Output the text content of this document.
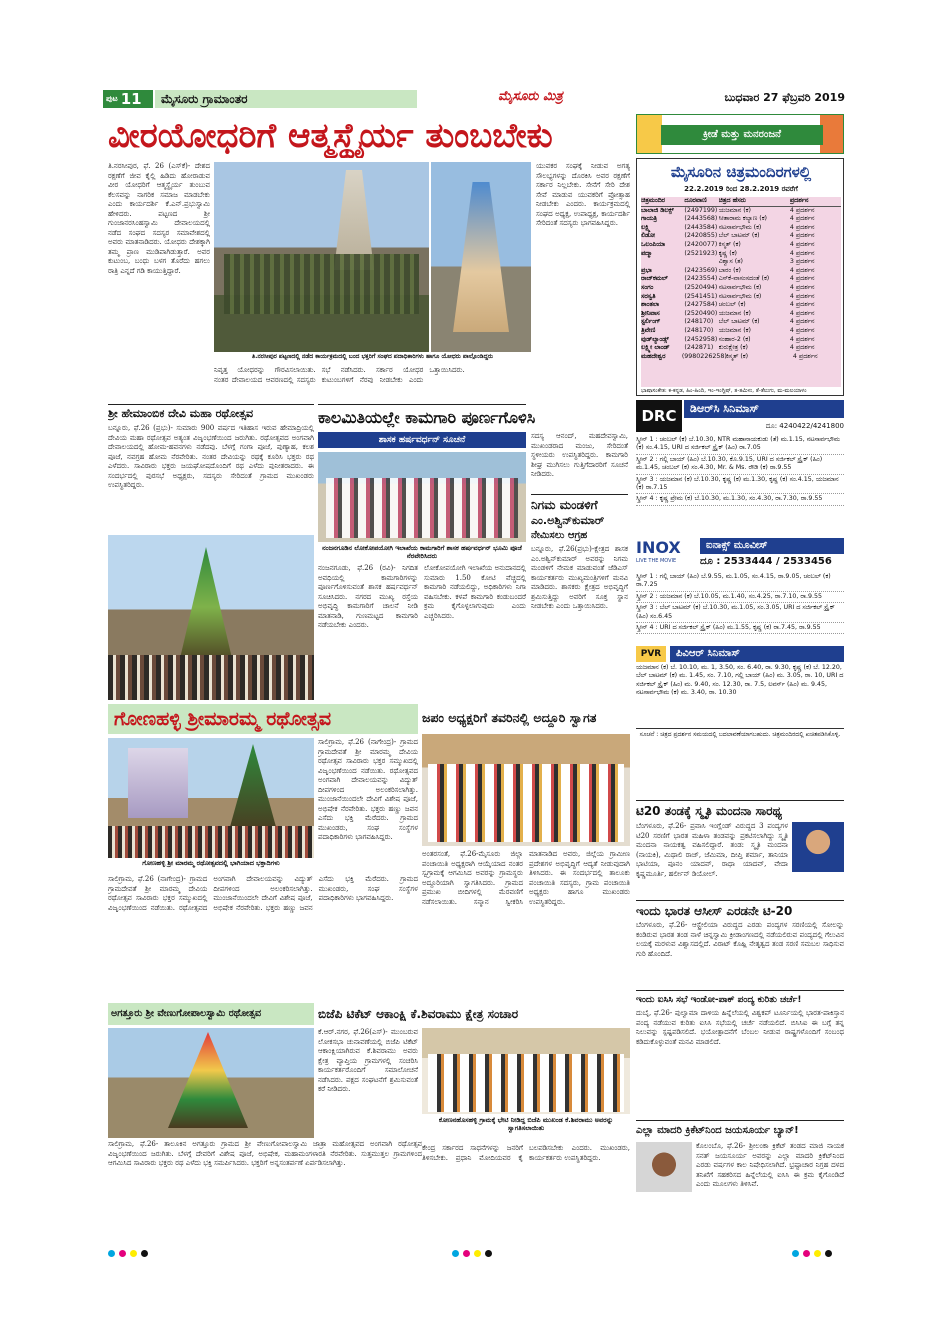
ಪುಟ 11	ಮೈಸೂರು ಗ್ರಾಮಾಂತರ	ಮೈಸೂರು ಮಿತ್ರ	ಬುಧವಾರ 27 ಫೆಬ್ರವರಿ 2019
ವೀರಯೋಧರಿಗೆ ಆತ್ಮಸ್ಥೈರ್ಯ ತುಂಬಬೇಕು	ಕ್ರೀಡೆ ಮತ್ತು ಮನರಂಜನೆ
ತಿ.ನರಸೀಪುರ, ಫೆ. 26 (ಎಸ್‌ಕೆ)- ದೇಶದ ರಕ್ಷಣೆಗೆ ಜೀವ ಕೈಲ್ಲಿ ಹಿಡಿದು ಹೋರಾಡುವ ವೀರ ಯೋಧರಿಗೆ ಆತ್ಮಸ್ಥೈರ್ಯ ತುಂಬುವ ಕೆಲಸವನ್ನು ನಾಗರಿಕ ಸಮಾಜ ಮಾಡಬೇಕು ಎಂದು ಕಾರ್ಯದರ್ಶಿ ಕೆ.ಎನ್.ಪ್ರಭುಸ್ವಾಮಿ ಹೇಳಿದರು. ಪಟ್ಟಣದ ಶ್ರೀ ಗುಂಜಾನರಸಿಂಹಸ್ವಾಮಿ ದೇವಾಲಯದಲ್ಲಿ ನಡೆದ ಸಂಘದ ಸದಸ್ಯರ ಸಮಾವೇಶದಲ್ಲಿ ಅವರು ಮಾತನಾಡಿದರು. ಯೋಧರು ದೇಶಕ್ಕಾಗಿ ತಮ್ಮ ಪ್ರಾಣ ಮುಡಿಪಾಗಿಡುತ್ತಾರೆ. ಅವರ ಕುಟುಂಬ, ಬಂಧು ಬಳಗ ತೊರೆದು ಹಗಲು ರಾತ್ರಿ ಎನ್ನದೆ ಗಡಿ ಕಾಯುತ್ತಿದ್ದಾರೆ.
ತಿ.ನರಸೀಪುರ ಪಟ್ಟಣದಲ್ಲಿ ನಡೆದ ಕಾರ್ಯಕ್ರಮದಲ್ಲಿ ಬಂದ ಭಕ್ತರಿಗೆ ಸಂಘದ ಪದಾಧಿಕಾರಿಗಳು ಹಾಗೂ ಯೋಧರು ಪಾಲ್ಗೊಂಡಿದ್ದರು
ನಿವೃತ್ತ ಯೋಧರನ್ನು ಗೌರವಿಸಲಾಯಿತು. ನಂತರ ದೇವಾಲಯದ ಆವರಣದಲ್ಲಿ ಸದಸ್ಯರು ಸಭೆ ನಡೆಸಿದರು. ಸರ್ಕಾರ ಯೋಧರ ಕುಟುಂಬಗಳಿಗೆ ನೆರವು ನೀಡಬೇಕು ಎಂದು ಒತ್ತಾಯಿಸಿದರು.
ಯುವಕರ ಸಂಘಕ್ಕೆ ನೀಡುವ ಅಗತ್ಯ ಸೌಲಭ್ಯಗಳನ್ನು ದೊರಕಿಸಿ ಅವರ ರಕ್ಷಣೆಗೆ ಸರ್ಕಾರ ನಿಲ್ಲಬೇಕು. ಸೇನೆಗೆ ಸೇರಿ ದೇಶ ಸೇವೆ ಮಾಡುವ ಯುವಕರಿಗೆ ಪ್ರೋತ್ಸಾಹ ನೀಡಬೇಕು ಎಂದರು. ಕಾರ್ಯಕ್ರಮದಲ್ಲಿ ಸಂಘದ ಅಧ್ಯಕ್ಷ, ಉಪಾಧ್ಯಕ್ಷ, ಕಾರ್ಯದರ್ಶಿ ಸೇರಿದಂತೆ ಸದಸ್ಯರು ಭಾಗವಹಿಸಿದ್ದರು.
ಮೈಸೂರಿನ ಚಿತ್ರಮಂದಿರಗಳಲ್ಲಿ
22.2.2019 ರಿಂದ 28.2.2019 ರವರೆಗೆ
ಚಿತ್ರಮಂದಿರ	ದೂರವಾಣಿ	ಚಿತ್ರದ ಹೆಸರು	ಪ್ರದರ್ಶನ
ಬಾಲಾಜಿ ಡಿಲಕ್ಸ್	(2497199) ಯಜಮಾನ (ಕ)	4 ಪ್ರದರ್ಶನ
ಗಾಯತ್ರಿ	(2443568) ಸೀತಾರಾಮ ಕಲ್ಯಾಣ (ಕ)	4 ಪ್ರದರ್ಶನ
ಲಕ್ಷ್ಮಿ	(2443584) ನಟಸಾರ್ವಭೌಮ (ಕ)	4 ಪ್ರದರ್ಶನ
ಲಿಡೋ	(2420855) ಬೆಲ್ ಬಾಟಮ್ (ಕ)	4 ಪ್ರದರ್ಶನ
ಒಲಂಪಿಯಾ	(2420077) ಕಿಸ್ಮತ್ (ಕ)	4 ಪ್ರದರ್ಶನ
ಪದ್ಮಾ	(2521923) ಕೃಷ್ಣ (ಕ)	4 ಪ್ರದರ್ಶನ
ವಿಶ್ವಾಸ (ತ)	3 ಪ್ರದರ್ಶನ
ಪ್ರಭಾ	(2423569) ಬಾರಂ (ಕ)	4 ಪ್ರದರ್ಶನ
ರಾಜ್‌ಕಮಲ್	(2423554) ಎಸ್‌ಕೆ-ವಾಸಂಸದಂತೆ (ಕ)	4 ಪ್ರದರ್ಶನ
ಸಂಗಂ	(2520494) ನಟಸಾರ್ವಭೌಮ (ಕ)	4 ಪ್ರದರ್ಶನ
ಸರಸ್ವತಿ	(2541451) ನಟಸಾರ್ವಭೌಮ (ಕ)	4 ಪ್ರದರ್ಶನ
ಶಾಂತಲಾ	(2427584) ಚಂಬಲ್ (ಕ)	4 ಪ್ರದರ್ಶನ
ಶ್ರೀನಿವಾಸ	(2520490) ಯಜಮಾನ (ಕ)	4 ಪ್ರದರ್ಶನ
ಸ್ಟರ್ಲಿಂಗ್	(248170) ಬೆಲ್ ಬಾಟಮ್ (ಕ)	4 ಪ್ರದರ್ಶನ
ತ್ರಿವೇಣಿ	(248170) ಯಜಮಾನ (ಕ)	4 ಪ್ರದರ್ಶನ
ವುಡ್‌ಲ್ಯಾಂಡ್ಸ್	(2452958) ಸಂಹಾರ-2 (ಕ)	4 ಪ್ರದರ್ಶನ
ಲಕ್ಷ್ಮೀ ಲಾಂಡ್	(242871) ಕುರುಕ್ಷೇತ್ರ (ಕ)	4 ಪ್ರದರ್ಶನ
ಮಹದೇಶ್ವರ	(9980226258) ಕಿಸ್ಮತ್ (ಕ)	4 ಪ್ರದರ್ಶನ
ಭಾಷಾಸಂಕೇತ: ಕ-ಕನ್ನಡ, ಹಿಂ-ಹಿಂದಿ, ಇಂ-ಇಂಗ್ಲಿಷ್, ತ-ತಮಿಳು, ತೆ-ತೆಲುಗು, ಮ-ಮಲಯಾಳಂ
ಶ್ರೀ ಹೇಮಾಂಬಿಕ ದೇವಿ ಮಹಾ ರಥೋತ್ಸವ
ಬನ್ನೂರು, ಫೆ.26 (ಪ್ರಭು)- ಸುಮಾರು 900 ವರ್ಷದ ಇತಿಹಾಸ ಇರುವ ಹೇಮಾದ್ರಿಯಲ್ಲಿ ದೇವಿಯ ಮಹಾ ರಥೋತ್ಸವ ಅತ್ಯಂತ ವಿಜೃಂಭಣೆಯಿಂದ ಜರುಗಿತು. ರಥೋತ್ಸವದ ಅಂಗವಾಗಿ ದೇವಾಲಯದಲ್ಲಿ ಹೋಮ-ಹವನಗಳು ನಡೆದವು. ಬೆಳಗ್ಗೆ ಗಂಗಾ ಪೂಜೆ, ಪುಣ್ಯಾಹ, ಕಲಶ ಪೂಜೆ, ನವಗ್ರಹ ಹೋಮ ನೆರವೇರಿತು. ನಂತರ ದೇವಿಯನ್ನು ರಥಕ್ಕೆ ಕೂರಿಸಿ ಭಕ್ತರು ರಥ ಎಳೆದರು. ಸಾವಿರಾರು ಭಕ್ತರು ಜಯಘೋಷದೊಂದಿಗೆ ರಥ ಎಳೆದು ಪುನೀತರಾದರು. ಈ ಸಂದರ್ಭದಲ್ಲಿ ಪುರಸಭೆ ಅಧ್ಯಕ್ಷರು, ಸದಸ್ಯರು ಸೇರಿದಂತೆ ಗ್ರಾಮದ ಮುಖಂಡರು ಉಪಸ್ಥಿತರಿದ್ದರು.
ಕಾಲಮಿತಿಯಲ್ಲೇ ಕಾಮಗಾರಿ ಪೂರ್ಣಗೊಳಿಸಿ
ಶಾಸಕ ಹರ್ಷವರ್ಧನ್ ಸೂಚನೆ
ನಂಜನಗೂಡಿನ ಲೋಕೋಪಯೋಗಿ ಇಲಾಖೆಯ ಕಾಮಗಾರಿಗೆ ಶಾಸಕ ಹರ್ಷವರ್ಧನ್ ಭೂಮಿ ಪೂಜೆ ನೆರವೇರಿಸಿದರು
ನಂಜನಗೂಡು, ಫೆ.26 (ರವಿ)- ನಿಗದಿತ ಅವಧಿಯಲ್ಲಿ ಕಾಮಗಾರಿಗಳನ್ನು ಪೂರ್ಣಗೊಳಿಸುವಂತೆ ಶಾಸಕ ಹರ್ಷವರ್ಧನ್ ಸೂಚಿಸಿದರು. ನಗರದ ಮುಖ್ಯ ರಸ್ತೆಯ ಅಭಿವೃದ್ಧಿ ಕಾಮಗಾರಿಗೆ ಚಾಲನೆ ನೀಡಿ ಮಾತನಾಡಿ, ಗುಣಮಟ್ಟದ ಕಾಮಗಾರಿ ನಡೆಯಬೇಕು ಎಂದರು.
ಲೋಕೋಪಯೋಗಿ ಇಲಾಖೆಯ ಅನುದಾನದಲ್ಲಿ ಸುಮಾರು 1.50 ಕೋಟಿ ವೆಚ್ಚದಲ್ಲಿ ಕಾಮಗಾರಿ ನಡೆಯಲಿದ್ದು, ಅಧಿಕಾರಿಗಳು ನಿಗಾ ವಹಿಸಬೇಕು. ಕಳಪೆ ಕಾಮಗಾರಿ ಕಂಡುಬಂದರೆ ಕ್ರಮ ಕೈಗೊಳ್ಳಲಾಗುವುದು ಎಂದು ಎಚ್ಚರಿಸಿದರು.
ಸದಸ್ಯ ಆನಂದ್, ಮಹದೇವಸ್ವಾಮಿ, ಮುಖಂಡರಾದ ಮಂಜು, ಸೇರಿದಂತೆ ಸ್ಥಳೀಯರು ಉಪಸ್ಥಿತರಿದ್ದರು. ಕಾಮಗಾರಿ ಶೀಘ್ರ ಮುಗಿಸಲು ಗುತ್ತಿಗೆದಾರರಿಗೆ ಸೂಚನೆ ನೀಡಿದರು.
ನಿಗಮ ಮಂಡಳಿಗೆ
ಎಂ.ಅಶ್ವಿನ್‌ಕುಮಾರ್
ನೇಮಿಸಲು ಆಗ್ರಹ
ಬನ್ನೂರು, ಫೆ.26(ಪ್ರಭು)-ಕ್ಷೇತ್ರದ ಶಾಸಕ ಎಂ.ಅಶ್ವಿನ್‌ಕುಮಾರ್ ಅವರನ್ನು ನಿಗಮ ಮಂಡಳಿಗೆ ನೇಮಕ ಮಾಡುವಂತೆ ಜೆಡಿಎಸ್ ಕಾರ್ಯಕರ್ತರು ಮುಖ್ಯಮಂತ್ರಿಗಳಿಗೆ ಮನವಿ ಮಾಡಿದರು. ಶಾಸಕರು ಕ್ಷೇತ್ರದ ಅಭಿವೃದ್ಧಿಗೆ ಶ್ರಮಿಸುತ್ತಿದ್ದು ಅವರಿಗೆ ಸೂಕ್ತ ಸ್ಥಾನ ನೀಡಬೇಕು ಎಂದು ಒತ್ತಾಯಿಸಿದರು.
DRC	ಡಿಆರ್‌ಸಿ ಸಿನಿಮಾಸ್
ದೂ: 4240422/4241800
ಸ್ಕ್ರೀನ್ 1 : ಚಂಬಲ್ (ಕ) ಬೆ.10.30, NTR ಮಹಾನಾಯಕುಡು (ತೆ) ಮ.1.15, ನಟಸಾರ್ವಭೌಮ (ಕ) ಸಂ.4.15, URI ದ ಸರ್ಜಿಕಲ್ ಸ್ಟ್ರೈಕ್ (ಹಿಂ) ರಾ.7.05
ಸ್ಕ್ರೀನ್ 2 : ಗಲ್ಲಿ ಬಾಯ್ (ಹಿಂ) ಬೆ.10.30, ಕೊ.9.15, URI ದ ಸರ್ಜಿಕಲ್ ಸ್ಟ್ರೈಕ್ (ಹಿಂ) ಮ.1.45, ಚಂಬಲ್ (ಕ) ಸಂ.4.30, Mr. & Ms. ರೌಡಿ (ಕ) ರಾ.9.55
ಸ್ಕ್ರೀನ್ 3 : ಯಜಮಾನ (ಕ) ಬೆ.10.30, ಕೃಷ್ಣ (ಕ) ಮ.1.30, ಕೃಷ್ಣ (ಕ) ಸಂ.4.15, ಯಜಮಾನ (ಕ) ರಾ.7.15
ಸ್ಕ್ರೀನ್ 4 : ಕೃಷ್ಣ ಪ್ರೇಮ (ಕ) ಬೆ.10.30, ಮ.1.30, ಸಂ.4.30, ರಾ.7.30, ರಾ.9.55
INOX
LIVE THE MOVIE
ಐನಾಕ್ಸ್ ಮೂವೀಸ್
ದೂ : 2533444 / 2533456
ಸ್ಕ್ರೀನ್ 1 : ಗಲ್ಲಿ ಬಾಯ್ (ಹಿಂ) ಬೆ.9.55, ಮ.1.05, ಸಂ.4.15, ರಾ.9.05, ಚಂಬಲ್ (ಕ) ರಾ.7.25
ಸ್ಕ್ರೀನ್ 2 : ಯಜಮಾನ (ಕ) ಬೆ.10.05, ಮ.1.40, ಸಂ.4.25, ರಾ.7.10, ರಾ.9.55
ಸ್ಕ್ರೀನ್ 3 : ಬೆಲ್ ಬಾಟಮ್ (ಕ) ಬೆ.10.30, ಮ.1.05, ಸಂ.3.05, URI ದ ಸರ್ಜಿಕಲ್ ಸ್ಟ್ರೈಕ್ (ಹಿಂ) ಸಂ.6.45
ಸ್ಕ್ರೀನ್ 4 : URI ದ ಸರ್ಜಿಕಲ್ ಸ್ಟ್ರೈಕ್ (ಹಿಂ) ಮ.1.55, ಕೃಷ್ಣ (ಕ) ರಾ.7.45, ರಾ.9.55
PVR	ಪಿವಿಆರ್ ಸಿನಿಮಾಸ್
ಯಜಮಾನ (ಕ) ಬೆ. 10.10, ಮ. 1, 3.50, ಸಂ. 6.40, ರಾ. 9.30, ಕೃಷ್ಣ (ಕ) ಬೆ. 12.20, ಬೆಲ್ ಬಾಟಮ್ (ಕ) ಮ. 1.45, ಸಂ. 7.10, ಗಲ್ಲಿ ಬಾಯ್ (ಹಿಂ) ಮ. 3.05, ರಾ. 10, URI ದ ಸರ್ಜಿಕಲ್ ಸ್ಟ್ರೈಕ್ (ಹಿಂ) ಮ. 9.40, ಸಂ. 12.30, ರಾ. 7.5, ಲವರ್ಸ್ (ಹಿಂ) ಮ. 9.45, ನಟಸಾರ್ವಭೌಮ (ಕ) ಮ. 3.40, ರಾ. 10.30
ಸೂಚನೆ : ಚಿತ್ರದ ಪ್ರದರ್ಶನ ಸಮಯದಲ್ಲಿ ಬದಲಾವಣೆಯಾಗಬಹುದು. ಚಿತ್ರಮಂದಿರದಲ್ಲಿ ಖಚಿತಪಡಿಸಿಕೊಳ್ಳಿ.
ಗೋಣಹಳ್ಳಿ ಶ್ರೀಮಾರಮ್ಮ ರಥೋತ್ಸವ
ಗೋಣಹಳ್ಳಿ ಶ್ರೀ ಮಾರಮ್ಮ ರಥೋತ್ಸವದಲ್ಲಿ ಭಾಗಿಯಾದ ಭಕ್ತಾದಿಗಳು
ಸಾಲಿಗ್ರಾಮ, ಫೆ.26 (ನಾಗೇಂದ್ರ)- ಗ್ರಾಮದ ಗ್ರಾಮದೇವತೆ ಶ್ರೀ ಮಾರಮ್ಮ ದೇವಿಯ ರಥೋತ್ಸವ ಸಾವಿರಾರು ಭಕ್ತರ ಸಮ್ಮುಖದಲ್ಲಿ ವಿಜೃಂಭಣೆಯಿಂದ ನಡೆಯಿತು. ರಥೋತ್ಸವದ ಅಂಗವಾಗಿ ದೇವಾಲಯವನ್ನು ವಿದ್ಯುತ್ ದೀಪಗಳಿಂದ ಅಲಂಕರಿಸಲಾಗಿತ್ತು. ಮುಂಜಾನೆಯಿಂದಲೇ ದೇವಿಗೆ ವಿಶೇಷ ಪೂಜೆ, ಅಭಿಷೇಕ ನೆರವೇರಿತು. ಭಕ್ತರು ಹಣ್ಣು ಜವನ ಎಸೆದು ಭಕ್ತಿ ಮೆರೆದರು. ಗ್ರಾಮದ ಮುಖಂಡರು, ಸಂಘ ಸಂಸ್ಥೆಗಳ ಪದಾಧಿಕಾರಿಗಳು ಭಾಗವಹಿಸಿದ್ದರು.
ಸಾಲಿಗ್ರಾಮ, ಫೆ.26 (ನಾಗೇಂದ್ರ)- ಗ್ರಾಮದ ಗ್ರಾಮದೇವತೆ ಶ್ರೀ ಮಾರಮ್ಮ ದೇವಿಯ ರಥೋತ್ಸವ ಸಾವಿರಾರು ಭಕ್ತರ ಸಮ್ಮುಖದಲ್ಲಿ ವಿಜೃಂಭಣೆಯಿಂದ ನಡೆಯಿತು. ರಥೋತ್ಸವದ ಅಂಗವಾಗಿ ದೇವಾಲಯವನ್ನು ವಿದ್ಯುತ್ ದೀಪಗಳಿಂದ ಅಲಂಕರಿಸಲಾಗಿತ್ತು. ಮುಂಜಾನೆಯಿಂದಲೇ ದೇವಿಗೆ ವಿಶೇಷ ಪೂಜೆ, ಅಭಿಷೇಕ ನೆರವೇರಿತು. ಭಕ್ತರು ಹಣ್ಣು ಜವನ ಎಸೆದು ಭಕ್ತಿ ಮೆರೆದರು. ಗ್ರಾಮದ ಮುಖಂಡರು, ಸಂಘ ಸಂಸ್ಥೆಗಳ ಪದಾಧಿಕಾರಿಗಳು ಭಾಗವಹಿಸಿದ್ದರು.
ಜಪಂ ಅಧ್ಯಕ್ಷರಿಗೆ ತವರಿನಲ್ಲಿ ಅದ್ದೂರಿ ಸ್ವಾಗತ
ಅಂತರಸಂತೆ, ಫೆ.26-ಮೈಸೂರು ಜಿಲ್ಲಾ ಪಂಚಾಯಿತಿ ಅಧ್ಯಕ್ಷರಾಗಿ ಆಯ್ಕೆಯಾದ ನಂತರ ಸ್ವಗ್ರಾಮಕ್ಕೆ ಆಗಮಿಸಿದ ಅವರನ್ನು ಗ್ರಾಮಸ್ಥರು ಅದ್ದೂರಿಯಾಗಿ ಸ್ವಾಗತಿಸಿದರು. ಗ್ರಾಮದ ಪ್ರಮುಖ ಬೀದಿಗಳಲ್ಲಿ ಮೆರವಣಿಗೆ ನಡೆಸಲಾಯಿತು. ಸನ್ಮಾನ ಸ್ವೀಕರಿಸಿ ಮಾತನಾಡಿದ ಅವರು, ಜಿಲ್ಲೆಯ ಗ್ರಾಮೀಣ ಪ್ರದೇಶಗಳ ಅಭಿವೃದ್ಧಿಗೆ ಆದ್ಯತೆ ನೀಡುವುದಾಗಿ ತಿಳಿಸಿದರು. ಈ ಸಂದರ್ಭದಲ್ಲಿ ತಾಲೂಕು ಪಂಚಾಯಿತಿ ಸದಸ್ಯರು, ಗ್ರಾಮ ಪಂಚಾಯಿತಿ ಅಧ್ಯಕ್ಷರು ಹಾಗೂ ಮುಖಂಡರು ಉಪಸ್ಥಿತರಿದ್ದರು.
ಟಿ20 ತಂಡಕ್ಕೆ ಸ್ಮೃತಿ ಮಂದನಾ ಸಾರಥ್ಯ
ಬೆಂಗಳೂರು, ಫೆ.26- ಪ್ರವಾಸಿ ಇಂಗ್ಲೆಂಡ್ ವಿರುದ್ಧದ 3 ಪಂದ್ಯಗಳ ಟಿ20 ಸರಣಿಗೆ ಭಾರತ ಮಹಿಳಾ ತಂಡವನ್ನು ಪ್ರಕಟಿಸಲಾಗಿದ್ದು ಸ್ಮೃತಿ ಮಂದನಾ ನಾಯಕತ್ವ ವಹಿಸಲಿದ್ದಾರೆ. ತಂಡ: ಸ್ಮೃತಿ ಮಂದನಾ (ನಾಯಕಿ), ಮಿಥಾಲಿ ರಾಜ್, ಜೆಮಿಮಾ, ದೀಪ್ತಿ ಶರ್ಮಾ, ತಾನಿಯಾ ಭಾಟಿಯಾ, ಪೂನಂ ಯಾದವ್, ರಾಧಾ ಯಾದವ್, ವೇದಾ ಕೃಷ್ಣಮೂರ್ತಿ, ಹರ್ಲೀನ್ ಡಿಯೋಲ್.
ಇಂದು ಭಾರತ ಆಸೀಸ್ ಎರಡನೇ ಟಿ-20
ಬೆಂಗಳೂರು, ಫೆ.26- ಆಸ್ಟ್ರೇಲಿಯಾ ವಿರುದ್ಧದ ಎರಡು ಪಂದ್ಯಗಳ ಸರಣಿಯಲ್ಲಿ ಸೋಲನ್ನು ಕಂಡಿರುವ ಭಾರತ ತಂಡ ನಾಳೆ ಚಿನ್ನಸ್ವಾಮಿ ಕ್ರೀಡಾಂಗಣದಲ್ಲಿ ನಡೆಯಲಿರುವ ಪಂದ್ಯದಲ್ಲಿ ಗೆಲುವಿನ ಲಯಕ್ಕೆ ಮರಳುವ ವಿಶ್ವಾಸದಲ್ಲಿದೆ. ವಿರಾಟ್ ಕೊಹ್ಲಿ ನೇತೃತ್ವದ ತಂಡ ಸರಣಿ ಸಮಬಲ ಸಾಧಿಸುವ ಗುರಿ ಹೊಂದಿದೆ.
ಇಂದು ಐಸಿಸಿ ಸಭೆ ಇಂಡೋ-ಪಾಕ್ ಪಂದ್ಯ ಕುರಿತು ಚರ್ಚೆ!
ದುಬೈ, ಫೆ.26- ಪುಲ್ವಾಮಾ ದಾಳಿಯ ಹಿನ್ನೆಲೆಯಲ್ಲಿ ವಿಶ್ವಕಪ್ ಟೂರ್ನಿಯಲ್ಲಿ ಭಾರತ-ಪಾಕಿಸ್ತಾನ ಪಂದ್ಯ ನಡೆಯುವ ಕುರಿತು ಐಸಿಸಿ ಸಭೆಯಲ್ಲಿ ಚರ್ಚೆ ನಡೆಯಲಿದೆ. ಬಿಸಿಸಿಐ ಈ ಬಗ್ಗೆ ತನ್ನ ನಿಲುವನ್ನು ಸ್ಪಷ್ಟಪಡಿಸಲಿದೆ. ಭಯೋತ್ಪಾದನೆಗೆ ಬೆಂಬಲ ನೀಡುವ ರಾಷ್ಟ್ರಗಳೊಂದಿಗೆ ಸಂಬಂಧ ಕಡಿದುಕೊಳ್ಳುವಂತೆ ಮನವಿ ಮಾಡಲಿದೆ.
ಎಲ್ಲಾ ಮಾದರಿ ಕ್ರಿಕೆಟ್‌ನಿಂದ ಜಯಸೂರ್ಯ ಬ್ಯಾನ್!
ಕೊಲಂಬೊ, ಫೆ.26- ಶ್ರೀಲಂಕಾ ಕ್ರಿಕೆಟ್ ತಂಡದ ಮಾಜಿ ನಾಯಕ ಸನತ್ ಜಯಸೂರ್ಯ ಅವರನ್ನು ಎಲ್ಲಾ ಮಾದರಿ ಕ್ರಿಕೆಟ್‌ನಿಂದ ಎರಡು ವರ್ಷಗಳ ಕಾಲ ನಿಷೇಧಿಸಲಾಗಿದೆ. ಭ್ರಷ್ಟಾಚಾರ ನಿಗ್ರಹ ದಳದ ತನಿಖೆಗೆ ಸಹಕರಿಸದ ಹಿನ್ನೆಲೆಯಲ್ಲಿ ಐಸಿಸಿ ಈ ಕ್ರಮ ಕೈಗೊಂಡಿದೆ ಎಂದು ಮೂಲಗಳು ತಿಳಿಸಿವೆ.
ಅಗತ್ತೂರು ಶ್ರೀ ವೇಣುಗೋಪಾಲಸ್ವಾಮಿ ರಥೋತ್ಸವ
ಸಾಲಿಗ್ರಾಮ, ಫೆ.26- ತಾಲೂಕಿನ ಅಗತ್ತೂರು ಗ್ರಾಮದ ಶ್ರೀ ವೇಣುಗೋಪಾಲಸ್ವಾಮಿ ಜಾತ್ರಾ ಮಹೋತ್ಸವದ ಅಂಗವಾಗಿ ರಥೋತ್ಸವ ವಿಜೃಂಭಣೆಯಿಂದ ಜರುಗಿತು. ಬೆಳಗ್ಗೆ ದೇವರಿಗೆ ವಿಶೇಷ ಪೂಜೆ, ಅಭಿಷೇಕ, ಮಹಾಮಂಗಳಾರತಿ ನೆರವೇರಿತು. ಸುತ್ತಮುತ್ತಲ ಗ್ರಾಮಗಳಿಂದ ಆಗಮಿಸಿದ ಸಾವಿರಾರು ಭಕ್ತರು ರಥ ಎಳೆದು ಭಕ್ತಿ ಸಮರ್ಪಿಸಿದರು. ಭಕ್ತರಿಗೆ ಅನ್ನಸಂತರ್ಪಣೆ ಏರ್ಪಡಿಸಲಾಗಿತ್ತು.
ಬಿಜೆಪಿ ಟಿಕೆಟ್ ಆಕಾಂಕ್ಷಿ ಕೆ.ಶಿವರಾಮು ಕ್ಷೇತ್ರ ಸಂಚಾರ
ಕೆ.ಆರ್.ನಗರ, ಫೆ.26(ಎಸ್‌)- ಮುಂಬರುವ ಲೋಕಸಭಾ ಚುನಾವಣೆಯಲ್ಲಿ ಬಿಜೆಪಿ ಟಿಕೆಟ್ ಆಕಾಂಕ್ಷಿಯಾಗಿರುವ ಕೆ.ಶಿವರಾಮು ಅವರು ಕ್ಷೇತ್ರ ವ್ಯಾಪ್ತಿಯ ಗ್ರಾಮಗಳಲ್ಲಿ ಸಂಚರಿಸಿ ಕಾರ್ಯಕರ್ತರೊಂದಿಗೆ ಸಮಾಲೋಚನೆ ನಡೆಸಿದರು. ಪಕ್ಷದ ಸಂಘಟನೆಗೆ ಶ್ರಮಿಸುವಂತೆ ಕರೆ ನೀಡಿದರು.
ಕೋಣನಹೊಸಹಳ್ಳಿ ಗ್ರಾಮಕ್ಕೆ ಭೇಟಿ ನೀಡಿದ್ದ ಬಿಜೆಪಿ ಮುಖಂಡ ಕೆ.ಶಿವರಾಮು ಅವರನ್ನು ಸ್ವಾಗತಿಸಲಾಯಿತು
ಕೇಂದ್ರ ಸರ್ಕಾರದ ಸಾಧನೆಗಳನ್ನು ಜನರಿಗೆ ತಿಳಿಸಬೇಕು. ಪ್ರಧಾನಿ ಮೋದಿಯವರ ಕೈ ಬಲಪಡಿಸಬೇಕು ಎಂದರು. ಮುಖಂಡರು, ಕಾರ್ಯಕರ್ತರು ಉಪಸ್ಥಿತರಿದ್ದರು.
